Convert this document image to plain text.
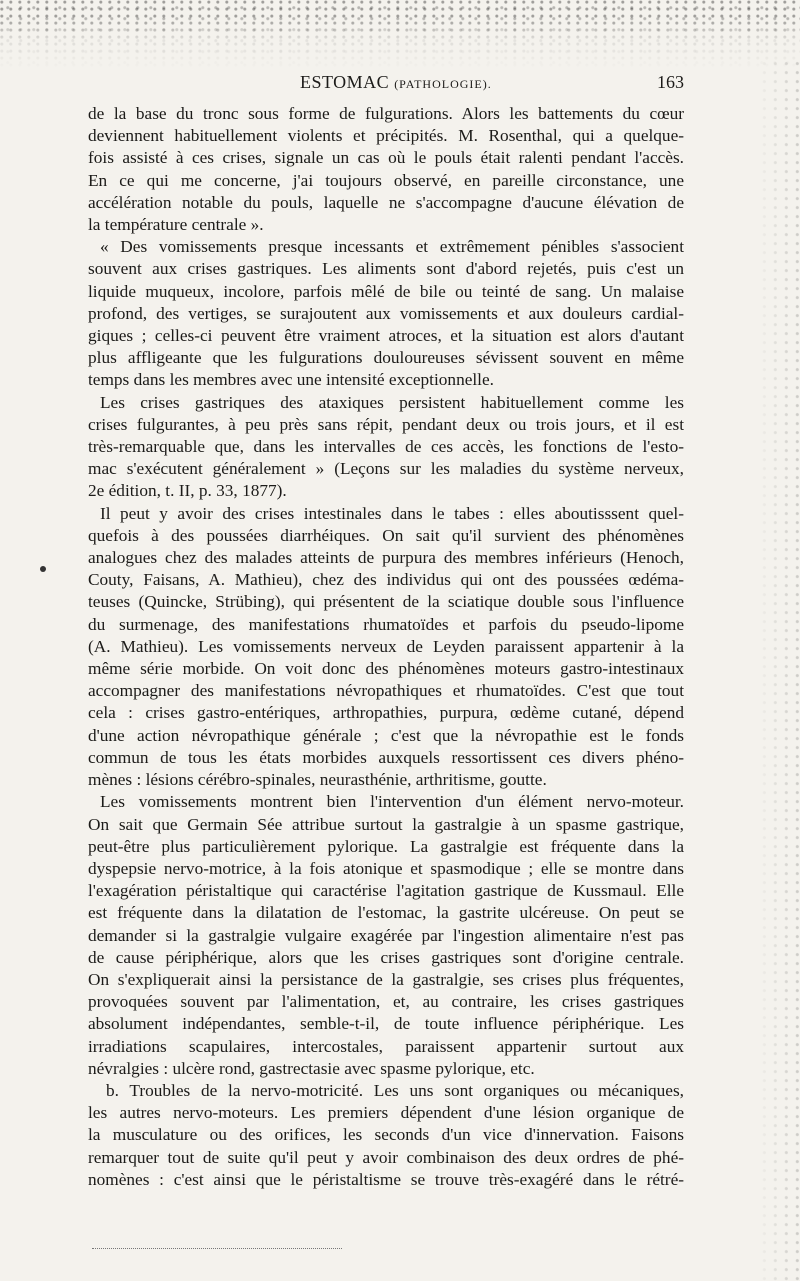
ESTOMAC (PATHOLOGIE).	163
de la base du tronc sous forme de fulgurations. Alors les battements du cœur
deviennent habituellement violents et précipités. M. Rosenthal, qui a quelque-
fois assisté à ces crises, signale un cas où le pouls était ralenti pendant l'accès.
En ce qui me concerne, j'ai toujours observé, en pareille circonstance, une
accélération notable du pouls, laquelle ne s'accompagne d'aucune élévation de
la température centrale ».
« Des vomissements presque incessants et extrêmement pénibles s'associent
souvent aux crises gastriques. Les aliments sont d'abord rejetés, puis c'est un
liquide muqueux, incolore, parfois mêlé de bile ou teinté de sang. Un malaise
profond, des vertiges, se surajoutent aux vomissements et aux douleurs cardial-
giques ; celles-ci peuvent être vraiment atroces, et la situation est alors d'autant
plus affligeante que les fulgurations douloureuses sévissent souvent en même
temps dans les membres avec une intensité exceptionnelle.
Les crises gastriques des ataxiques persistent habituellement comme les
crises fulgurantes, à peu près sans répit, pendant deux ou trois jours, et il est
très-remarquable que, dans les intervalles de ces accès, les fonctions de l'esto-
mac s'exécutent généralement » (Leçons sur les maladies du système nerveux,
2e édition, t. II, p. 33, 1877).
Il peut y avoir des crises intestinales dans le tabes : elles aboutisssent quel-
quefois à des poussées diarrhéiques. On sait qu'il survient des phénomènes
analogues chez des malades atteints de purpura des membres inférieurs (Henoch,
Couty, Faisans, A. Mathieu), chez des individus qui ont des poussées œdéma-
teuses (Quincke, Strübing), qui présentent de la sciatique double sous l'influence
du surmenage, des manifestations rhumatoïdes et parfois du pseudo-lipome
(A. Mathieu). Les vomissements nerveux de Leyden paraissent appartenir à la
même série morbide. On voit donc des phénomènes moteurs gastro-intestinaux
accompagner des manifestations névropathiques et rhumatoïdes. C'est que tout
cela : crises gastro-entériques, arthropathies, purpura, œdème cutané, dépend
d'une action névropathique générale ; c'est que la névropathie est le fonds
commun de tous les états morbides auxquels ressortissent ces divers phéno-
mènes : lésions cérébro-spinales, neurasthénie, arthritisme, goutte.
Les vomissements montrent bien l'intervention d'un élément nervo-moteur.
On sait que Germain Sée attribue surtout la gastralgie à un spasme gastrique,
peut-être plus particulièrement pylorique. La gastralgie est fréquente dans la
dyspepsie nervo-motrice, à la fois atonique et spasmodique ; elle se montre dans
l'exagération péristaltique qui caractérise l'agitation gastrique de Kussmaul. Elle
est fréquente dans la dilatation de l'estomac, la gastrite ulcéreuse. On peut se
demander si la gastralgie vulgaire exagérée par l'ingestion alimentaire n'est pas
de cause périphérique, alors que les crises gastriques sont d'origine centrale.
On s'expliquerait ainsi la persistance de la gastralgie, ses crises plus fréquentes,
provoquées souvent par l'alimentation, et, au contraire, les crises gastriques
absolument indépendantes, semble-t-il, de toute influence périphérique. Les
irradiations scapulaires, intercostales, paraissent appartenir surtout aux
névralgies : ulcère rond, gastrectasie avec spasme pylorique, etc.
b. Troubles de la nervo-motricité. Les uns sont organiques ou mécaniques,
les autres nervo-moteurs. Les premiers dépendent d'une lésion organique de
la musculature ou des orifices, les seconds d'un vice d'innervation. Faisons
remarquer tout de suite qu'il peut y avoir combinaison des deux ordres de phé-
nomènes : c'est ainsi que le péristaltisme se trouve très-exagéré dans le rétré-
